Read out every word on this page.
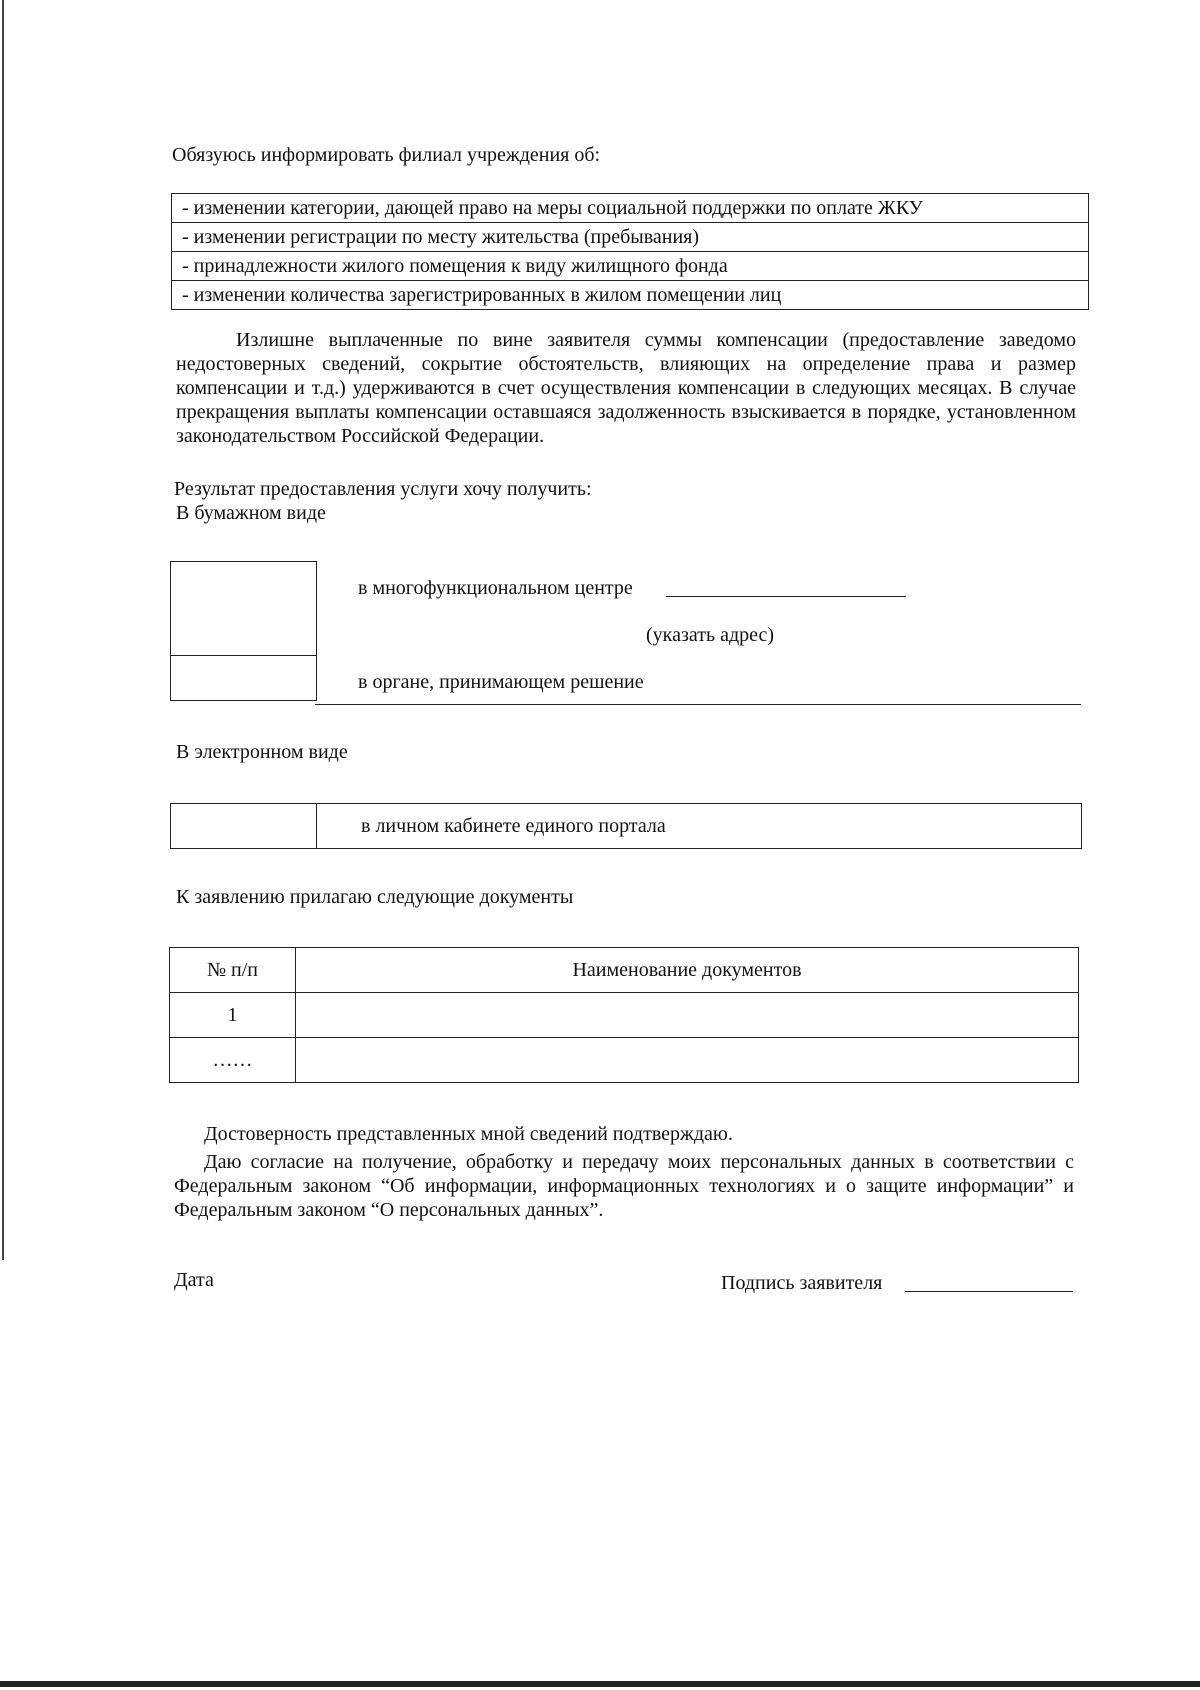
Обязуюсь информировать филиал учреждения об:
- изменении категории, дающей право на меры социальной поддержки по оплате ЖКУ
- изменении регистрации по месту жительства (пребывания)
- принадлежности жилого помещения к виду жилищного фонда
- изменении количества зарегистрированных в жилом помещении лиц
Излишне выплаченные по вине заявителя суммы компенсации (предоставление заведомо недостоверных сведений, сокрытие обстоятельств, влияющих на определение права и размер компенсации и т.д.) удерживаются в счет осуществления компенсации в следующих месяцах. В случае прекращения выплаты компенсации оставшаяся задолженность взыскивается в порядке, установленном законодательством Российской Федерации.
Результат предоставления услуги хочу получить:
В бумажном виде
в многофункциональном центре
(указать адрес)
в органе, принимающем решение
В электронном виде
	в личном кабинете единого портала
К заявлению прилагаю следующие документы
№ п/п	Наименование документов
1	
……	
Достоверность представленных мной сведений подтверждаю.
Даю согласие на получение, обработку и передачу моих персональных данных в соответствии с Федеральным законом “Об информации, информационных технологиях и о защите информации” и Федеральным законом “О персональных данных”.
Дата	Подпись заявителя
